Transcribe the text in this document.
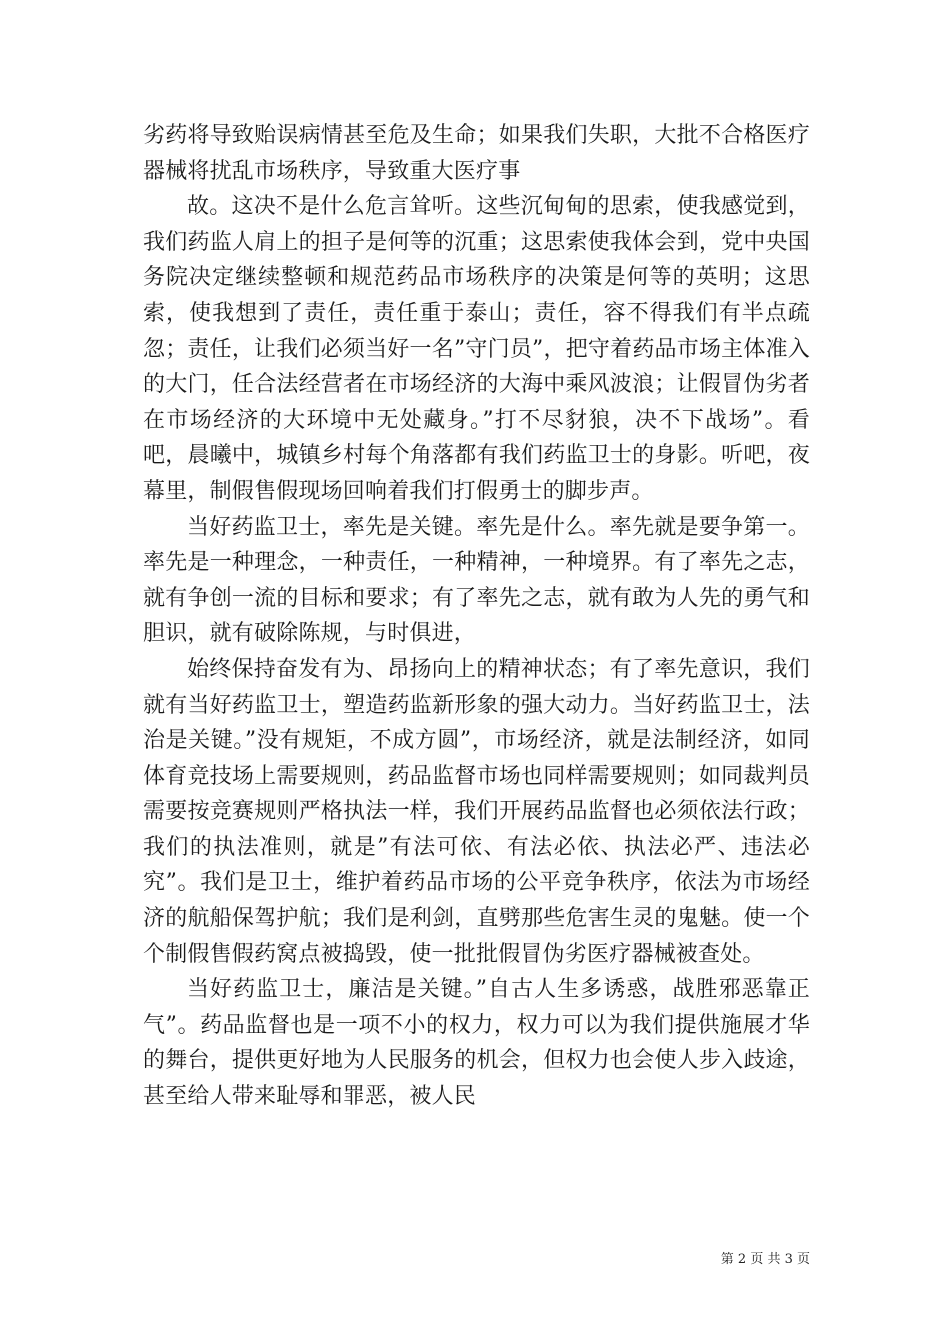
劣药将导致贻误病情甚至危及生命；如果我们失职，大批不合格医疗器械将扰乱市场秩序，导致重大医疗事

故。这决不是什么危言耸听。这些沉甸甸的思索，使我感觉到，我们药监人肩上的担子是何等的沉重；这思索使我体会到，党中央国务院决定继续整顿和规范药品市场秩序的决策是何等的英明；这思索，使我想到了责任，责任重于泰山；责任，容不得我们有半点疏忽；责任，让我们必须当好一名”守门员”，把守着药品市场主体准入的大门，任合法经营者在市场经济的大海中乘风波浪；让假冒伪劣者在市场经济的大环境中无处藏身。”打不尽豺狼，决不下战场”。看吧，晨曦中，城镇乡村每个角落都有我们药监卫士的身影。听吧，夜幕里，制假售假现场回响着我们打假勇士的脚步声。

当好药监卫士，率先是关键。率先是什么。率先就是要争第一。率先是一种理念，一种责任，一种精神，一种境界。有了率先之志，就有争创一流的目标和要求；有了率先之志，就有敢为人先的勇气和胆识，就有破除陈规，与时俱进，

始终保持奋发有为、昂扬向上的精神状态；有了率先意识，我们就有当好药监卫士，塑造药监新形象的强大动力。当好药监卫士，法治是关键。”没有规矩，不成方圆”，市场经济，就是法制经济，如同体育竞技场上需要规则，药品监督市场也同样需要规则；如同裁判员需要按竞赛规则严格执法一样，我们开展药品监督也必须依法行政；我们的执法准则，就是”有法可依、有法必依、执法必严、违法必究”。我们是卫士，维护着药品市场的公平竞争秩序，依法为市场经济的航船保驾护航；我们是利剑，直劈那些危害生灵的鬼魅。使一个个制假售假药窝点被捣毁，使一批批假冒伪劣医疗器械被查处。

当好药监卫士，廉洁是关键。”自古人生多诱惑，战胜邪恶靠正气”。药品监督也是一项不小的权力，权力可以为我们提供施展才华的舞台，提供更好地为人民服务的机会，但权力也会使人步入歧途，甚至给人带来耻辱和罪恶，被人民

第 2 页 共 3 页
